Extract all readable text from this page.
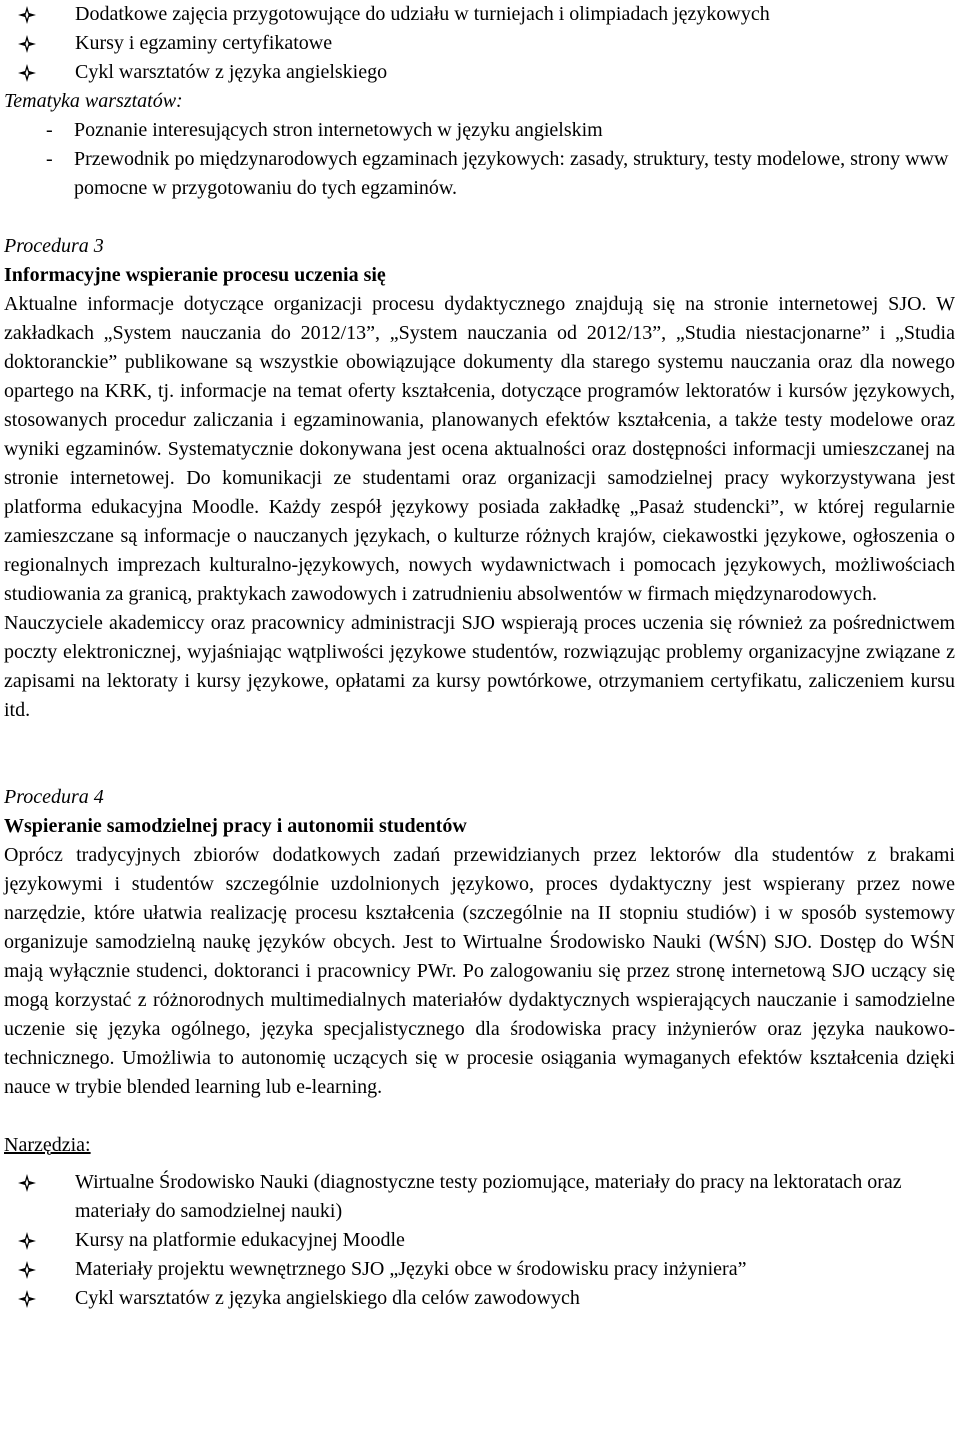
Dodatkowe zajęcia przygotowujące do udziału w turniejach i olimpiadach językowych
Kursy i egzaminy certyfikatowe
Cykl warsztatów z języka angielskiego
Tematyka warsztatów:
- Poznanie interesujących stron internetowych w języku angielskim
- Przewodnik po międzynarodowych egzaminach językowych: zasady, struktury, testy modelowe, strony www pomocne w przygotowaniu do tych egzaminów.
Procedura 3
Informacyjne wspieranie procesu uczenia się

Aktualne informacje dotyczące organizacji procesu dydaktycznego znajdują się na stronie internetowej SJO. W zakładkach „System nauczania do 2012/13”, „System nauczania od 2012/13”, „Studia niestacjonarne” i „Studia doktoranckie” publikowane są wszystkie obowiązujące dokumenty dla starego systemu nauczania oraz dla nowego opartego na KRK, tj. informacje na temat oferty kształcenia, dotyczące programów lektoratów i kursów językowych, stosowanych procedur zaliczania i egzaminowania, planowanych efektów kształcenia, a także testy modelowe oraz wyniki egzaminów. Systematycznie dokonywana jest ocena aktualności oraz dostępności informacji umieszczanej na stronie internetowej. Do komunikacji ze studentami oraz organizacji samodzielnej pracy wykorzystywana jest platforma edukacyjna Moodle. Każdy zespół językowy posiada zakładkę „Pasaż studencki”, w której regularnie zamieszczane są informacje o nauczanych językach, o kulturze różnych krajów, ciekawostki językowe, ogłoszenia o regionalnych imprezach kulturalno-językowych, nowych wydawnictwach i pomocach językowych, możliwościach studiowania za granicą, praktykach zawodowych i zatrudnieniu absolwentów w firmach międzynarodowych.

Nauczyciele akademiccy oraz pracownicy administracji SJO wspierają proces uczenia się również za pośrednictwem poczty elektronicznej, wyjaśniając wątpliwości językowe studentów, rozwiązując problemy organizacyjne związane z zapisami na lektoraty i kursy językowe, opłatami za kursy powtórkowe, otrzymaniem certyfikatu, zaliczeniem kursu itd.

Procedura 4
Wspieranie samodzielnej pracy i autonomii studentów

Oprócz tradycyjnych zbiorów dodatkowych zadań przewidzianych przez lektorów dla studentów z brakami językowymi i studentów szczególnie uzdolnionych językowo, proces dydaktyczny jest wspierany przez nowe narzędzie, które ułatwia realizację procesu kształcenia (szczególnie na II stopniu studiów) i w sposób systemowy organizuje samodzielną naukę języków obcych. Jest to Wirtualne Środowisko Nauki (WŚN) SJO. Dostęp do WŚN mają wyłącznie studenci, doktoranci i pracownicy PWr. Po zalogowaniu się przez stronę internetową SJO uczący się mogą korzystać z różnorodnych multimedialnych materiałów dydaktycznych wspierających nauczanie i samodzielne uczenie się języka ogólnego, języka specjalistycznego dla środowiska pracy inżynierów oraz języka naukowo-technicznego. Umożliwia to autonomię uczących się w procesie osiągania wymaganych efektów kształcenia dzięki nauce w trybie blended learning lub e-learning.

Narzędzia:
Wirtualne Środowisko Nauki (diagnostyczne testy poziomujące, materiały do pracy na lektoratach oraz materiały do samodzielnej nauki)
Kursy na platformie edukacyjnej Moodle
Materiały projektu wewnętrznego SJO „Języki obce w środowisku pracy inżyniera”
Cykl warsztatów z języka angielskiego dla celów zawodowych
